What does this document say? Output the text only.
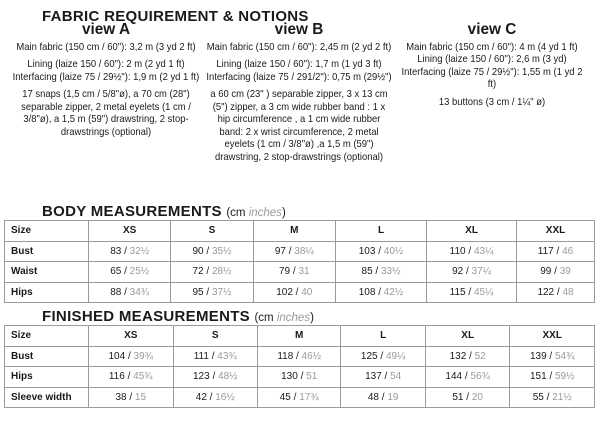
FABRIC REQUIREMENT & NOTIONS
view A

Main fabric (150 cm / 60"): 3,2 m (3 yd 2 ft)

Lining (laize 150 / 60"): 2 m (2 yd 1 ft)

Interfacing (laize 75 / 29½"): 1,9 m (2 yd 1 ft)

17 snaps (1,5 cm / 5/8"ø), a 70 cm (28") separable zipper, 2 metal eyelets (1 cm / 3/8"ø), a 1,5 m (59") drawstring, 2 stop-drawstrings (optional)

view B

Main fabric (150 cm / 60"): 2,45 m (2 yd 2 ft)

Lining (laize 150 / 60"): 1,7 m (1 yd 3 ft)

Interfacing (laize 75 / 291/2"): 0,75 m (29½")

a 60 cm (23" ) separable zipper, 3 x 13 cm (5") zipper, a 3 cm wide rubber band : 1 x hip circumference , a 1 cm wide rubber band: 2 x wrist circumference, 2 metal eyelets (1 cm / 3/8"ø) ,a 1,5 m (59") drawstring, 2 stop-drawstrings (optional)

view C

Main fabric (150 cm / 60"): 4 m (4 yd 1 ft) Lining (laize 150 / 60"): 2,6 m (3 yd) Interfacing (laize 75 / 29½"): 1,55 m (1 yd 2 ft)

13 buttons (3 cm / 1¼" ø)

BODY MEASUREMENTS (cm inches)
Size	XS	S	M	L	XL	XXL
Bust	83 / 32½	90 / 35½	97 / 38¼	103 / 40½	110 / 43¼	117 / 46
Waist	65 / 25½	72 / 28½	79 / 31	85 / 33½	92 / 37¼	99 / 39
Hips	88 / 34¾	95 / 37½	102 / 40	108 / 42½	115 / 45¼	122 / 48
FINISHED MEASUREMENTS (cm inches)
Size	XS	S	M	L	XL	XXL
Bust	104 / 39¾	111 / 43¾	118 / 46½	125 / 49¼	132 / 52	139 / 54¾
Hips	116 / 45¾	123 / 48½	130 / 51	137 / 54	144 / 56¾	151 / 59½
Sleeve width	38 / 15	42 / 16½	45 / 17¾	48 / 19	51 / 20	55 / 21½
